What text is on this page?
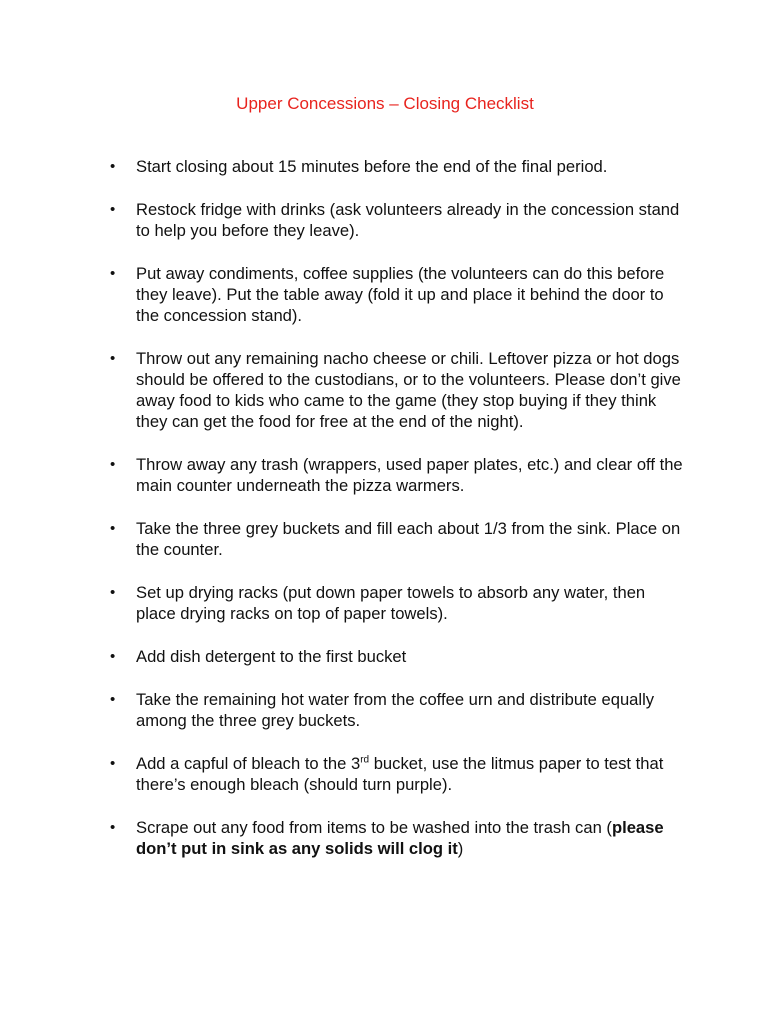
Upper Concessions – Closing Checklist
• Start closing about 15 minutes before the end of the final period.
• Restock fridge with drinks (ask volunteers already in the concession stand to help you before they leave).
• Put away condiments, coffee supplies (the volunteers can do this before they leave). Put the table away (fold it up and place it behind the door to the concession stand).
• Throw out any remaining nacho cheese or chili. Leftover pizza or hot dogs should be offered to the custodians, or to the volunteers. Please don’t give away food to kids who came to the game (they stop buying if they think they can get the food for free at the end of the night).
• Throw away any trash (wrappers, used paper plates, etc.) and clear off the main counter underneath the pizza warmers.
• Take the three grey buckets and fill each about 1/3 from the sink. Place on the counter.
• Set up drying racks (put down paper towels to absorb any water, then place drying racks on top of paper towels).
• Add dish detergent to the first bucket
• Take the remaining hot water from the coffee urn and distribute equally among the three grey buckets.
• Add a capful of bleach to the 3rd bucket, use the litmus paper to test that there’s enough bleach (should turn purple).
• Scrape out any food from items to be washed into the trash can (please don’t put in sink as any solids will clog it)
